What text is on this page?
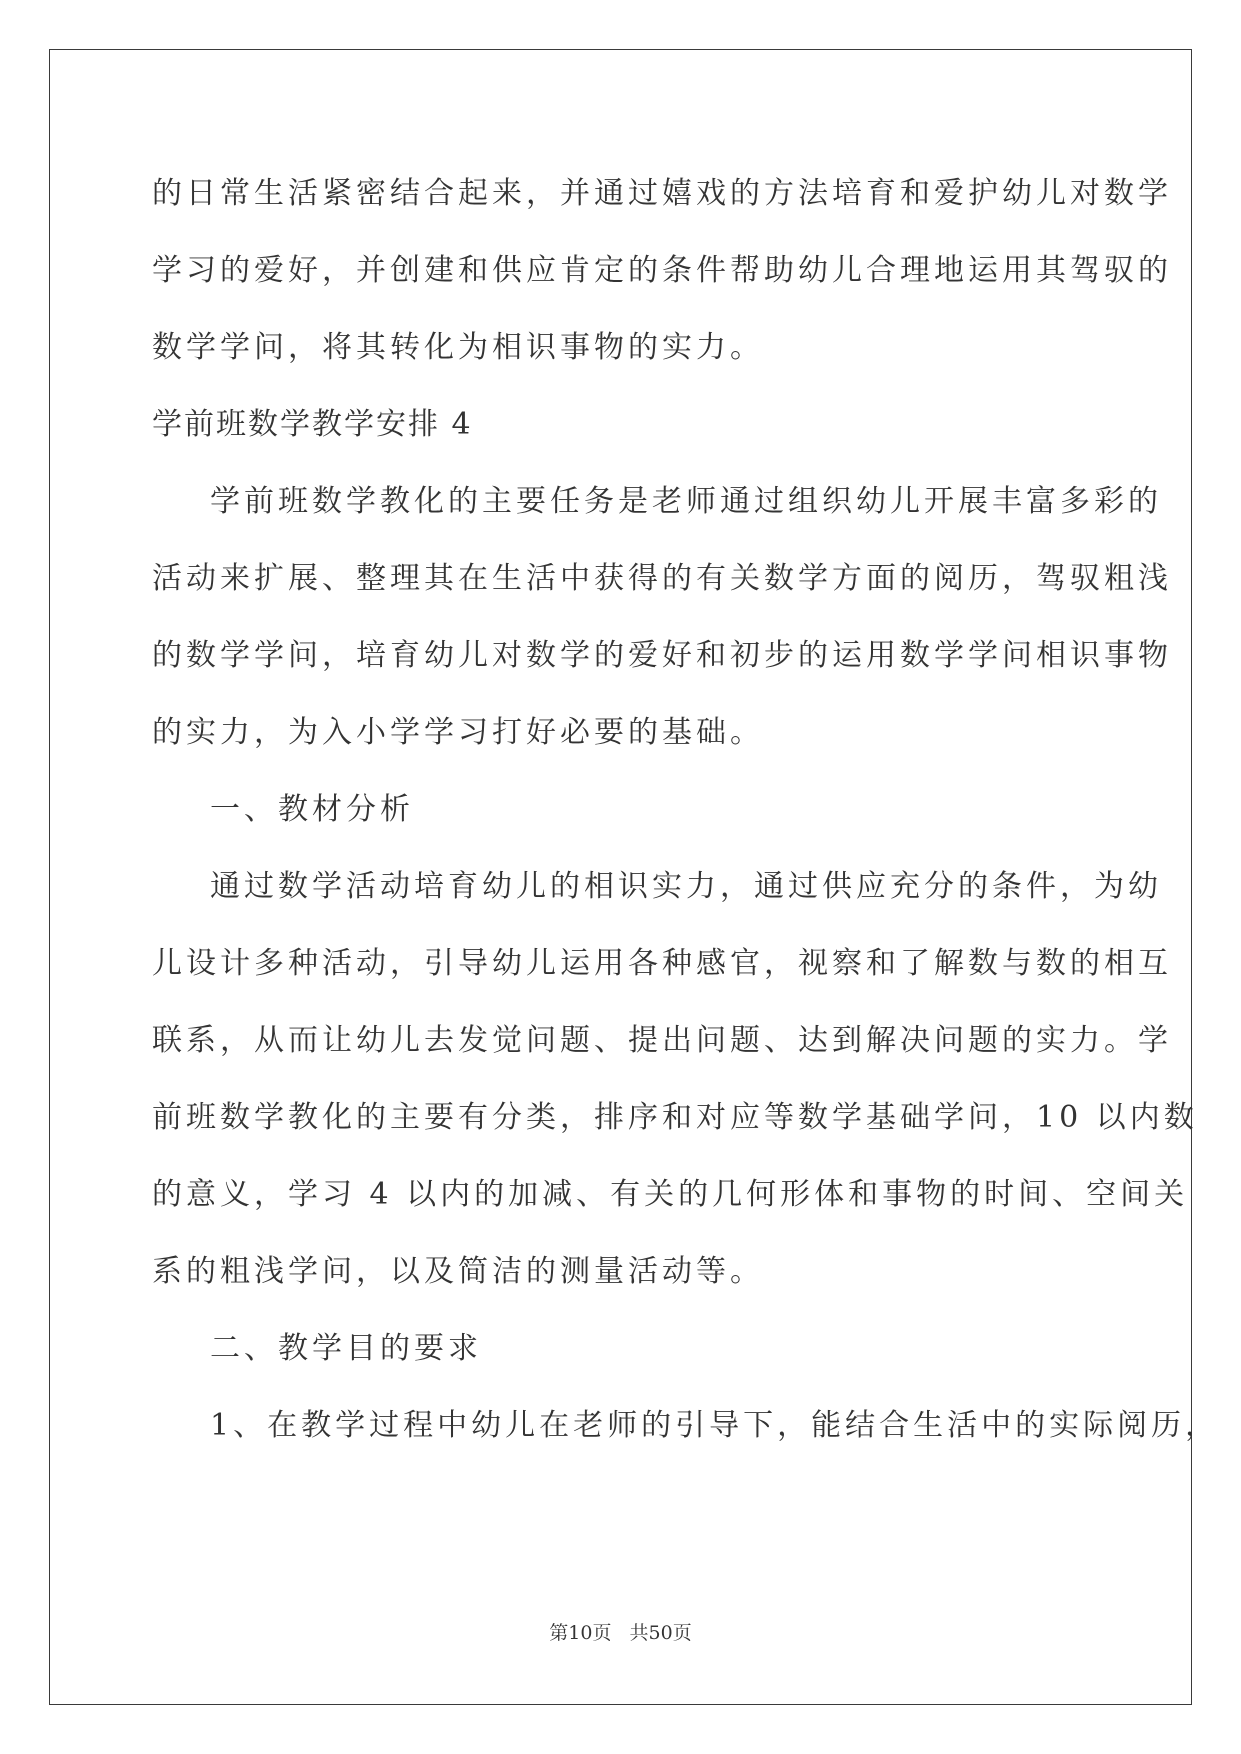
的日常生活紧密结合起来，并通过嬉戏的方法培育和爱护幼儿对数学
学习的爱好，并创建和供应肯定的条件帮助幼儿合理地运用其驾驭的
数学学问，将其转化为相识事物的实力。
学前班数学教学安排 4
学前班数学教化的主要任务是老师通过组织幼儿开展丰富多彩的
活动来扩展、整理其在生活中获得的有关数学方面的阅历，驾驭粗浅
的数学学问，培育幼儿对数学的爱好和初步的运用数学学问相识事物
的实力，为入小学学习打好必要的基础。
一、教材分析
通过数学活动培育幼儿的相识实力，通过供应充分的条件，为幼
儿设计多种活动，引导幼儿运用各种感官，视察和了解数与数的相互
联系，从而让幼儿去发觉问题、提出问题、达到解决问题的实力。学
前班数学教化的主要有分类，排序和对应等数学基础学问，10 以内数
的意义，学习 4 以内的加减、有关的几何形体和事物的时间、空间关
系的粗浅学问，以及简洁的测量活动等。
二、教学目的要求
1、在教学过程中幼儿在老师的引导下，能结合生活中的实际阅历，
第10页 共50页
